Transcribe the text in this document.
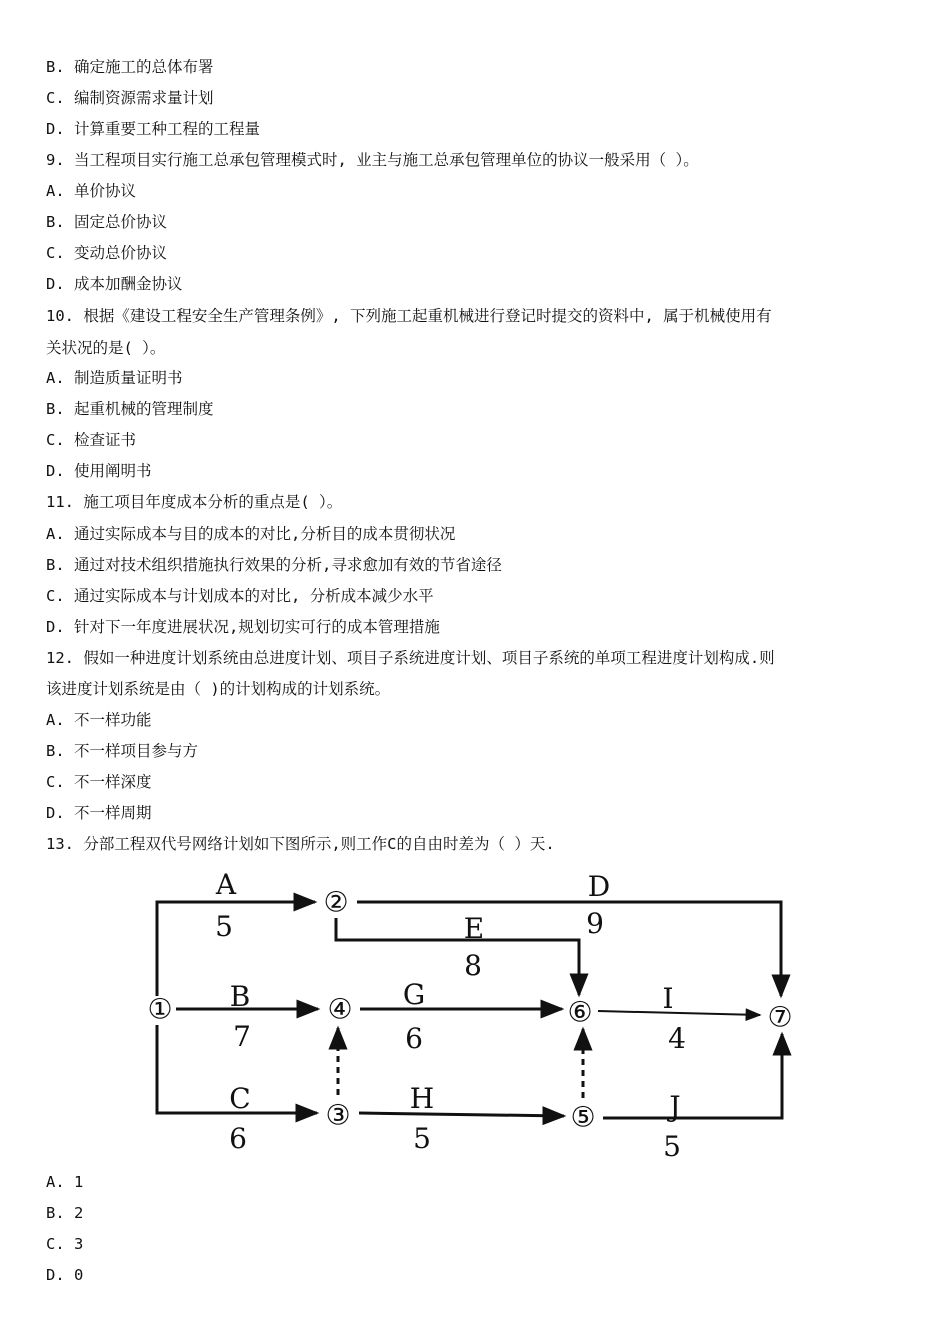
B. 确定施工的总体布署
C. 编制资源需求量计划
D. 计算重要工种工程的工程量
9. 当工程项目实行施工总承包管理模式时, 业主与施工总承包管理单位的协议一般采用（ ）。
A. 单价协议
B. 固定总价协议
C. 变动总价协议
D. 成本加酬金协议
10. 根据《建设工程安全生产管理条例》, 下列施工起重机械进行登记时提交的资料中, 属于机械使用有
关状况的是( ）。
A. 制造质量证明书
B. 起重机械的管理制度
C. 检查证书
D. 使用阐明书
11. 施工项目年度成本分析的重点是( ）。
A. 通过实际成本与目的成本的对比,分析目的成本贯彻状况
B. 通过对技术组织措施执行效果的分析,寻求愈加有效的节省途径
C. 通过实际成本与计划成本的对比, 分析成本减少水平
D. 针对下一年度进展状况,规划切实可行的成本管理措施
12. 假如一种进度计划系统由总进度计划、项目子系统进度计划、项目子系统的单项工程进度计划构成.则
该进度计划系统是由（ )的计划构成的计划系统。
A. 不一样功能
B. 不一样项目参与方
C. 不一样深度
D. 不一样周期
13. 分部工程双代号网络计划如下图所示,则工作C的自由时差为（ ）天.
①
②
③
④
⑤
⑥	⑦
A
5
D
9
E
8
B
7
G
6
I
4
C
6
H
5
J
5
A. 1
B. 2
C. 3
D. 0
